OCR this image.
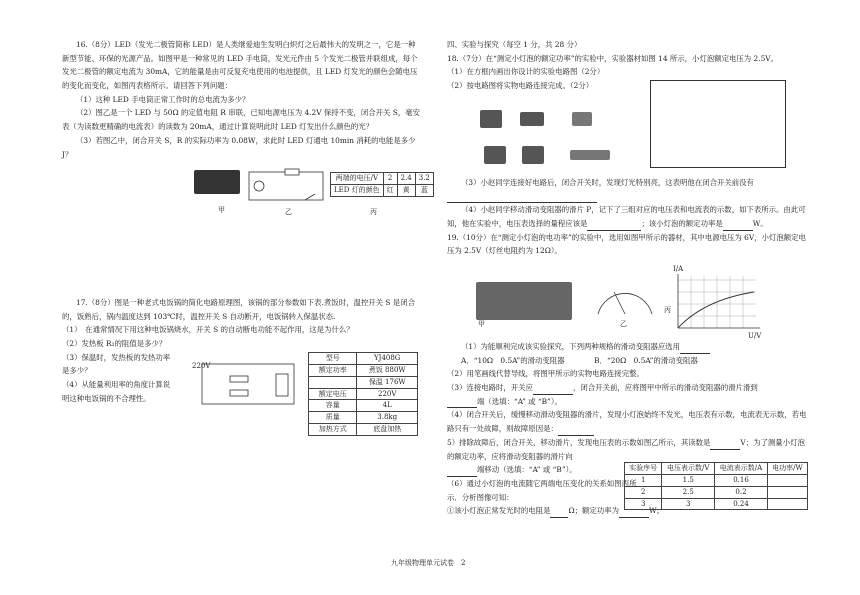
16.（8分）LED（发光二极管简称 LED）是人类继爱迪生发明白炽灯之后最伟大的发明之一，它是一种新型节能、环保的光源产品。如图甲是一种常见的 LED 手电筒，发光元件由 5 个发光二极管并联组成，每个发光二极管的额定电流为 30mA，它的能量是由可反复充电使用的电池提供，且 LED 灯发光的颜色会随电压的变化而变化，如图丙表格所示。请回答下列问题：

（1）这种 LED 手电筒正常工作时的总电流为多少？

（2）图乙是一个 LED 与 50Ω 的定值电阻 R 串联，已知电源电压为 4.2V 保持不变，闭合开关 S，毫安表（为读数更精确的电流表）的读数为 20mA，通过计算说明此时 LED 灯发出什么颜色的光？

（3）若图乙中，闭合开关 S，R 的实际功率为 0.08W，求此时 LED 灯通电 10min 消耗的电能是多少 J？

两端的电压/V	2	2.4	3.2
LED 灯的颜色	红	黄	蓝
甲	乙	丙

17.（8分）图是一种老式电饭锅的简化电路原理图，该锅的部分参数如下表.煮饭时，温控开关 S 是闭合的，饭熟后，锅内温度达到 103℃时，温控开关 S 自动断开，电饭锅转入保温状态.

（1）　在通常情况下用这种电饭锅烧水，开关 S 的自动断电功能不起作用，这是为什么？

（2）发热板 R₁的阻值是多少？

（3）保温时，发热板的发热功率

是多少？

（4）从能量利用率的角度计算说

明这种电饭锅的不合理性。

220V
型号	YJ408G
额定功率	煮饭 880W
	保温 176W
额定电压	220V
容量	4L
质量	3.8kg
加热方式	底盘加热

四、实验与探究（每空 1 分，共 28 分）

18.（7分）在“测定小灯泡的额定功率”的实验中，实验器材如图 14 所示，小灯泡额定电压为 2.5V。

（1）在方框内画出你设计的实验电路图（2分）

（2）按电路图将实物电路连接完成。（2分）

（3）小赵同学连接好电路后，闭合开关时，发现灯光特别亮，这表明他在闭合开关前没有

（4）小赵同学移动滑动变阻器的滑片 P，记下了三组对应的电压表和电流表的示数，如下表所示。由此可知，他在实验中，电压表选择的量程应该是	；该小灯泡的额定功率是	W。

19.（10分）在“测定小灯泡的电功率”的实验中，选用如图甲所示的器材，其中电源电压为 6V，小灯泡额定电压为 2.5V（灯丝电阻约为 12Ω）。

I/A
U/V
甲	乙
丙

（1）为能顺利完成该实验探究，下列两种规格的滑动变阻器应选用

A．“10Ω　0.5A”的滑动变阻器　　　　B．“20Ω　0.5A”的滑动变阻器

（2）用笔画线代替导线，将图甲所示的实物电路连接完整。

（3）连接电路时，开关应	，闭合开关前，应将图甲中所示的滑动变阻器的滑片滑到

端（选填：“A” 或 “B”）。

（4）闭合开关后，缓慢移动滑动变阻器的滑片，发现小灯泡始终不发光，电压表有示数，电流表无示数，若电路只有一处故障，则故障原因是：

5）排除故障后，闭合开关，移动滑片，发现电压表的示数如图乙所示，其读数是	V；为了测量小灯泡的额定功率，应将滑动变阻器的滑片向

端移动（选填：“A” 或 “B”）。

（6）通过小灯泡的电流随它两端电压变化的关系如图丙所示．分析图像可知：

①该小灯泡正常发光时的电阻是 Ω；额定功率为	W。

实验序号	电压表示数/V	电流表示数/A	电功率/W
1	1.5	0.16	
2	2.5	0.2	
3	3	0.24	
九年级物理单元试卷　2
